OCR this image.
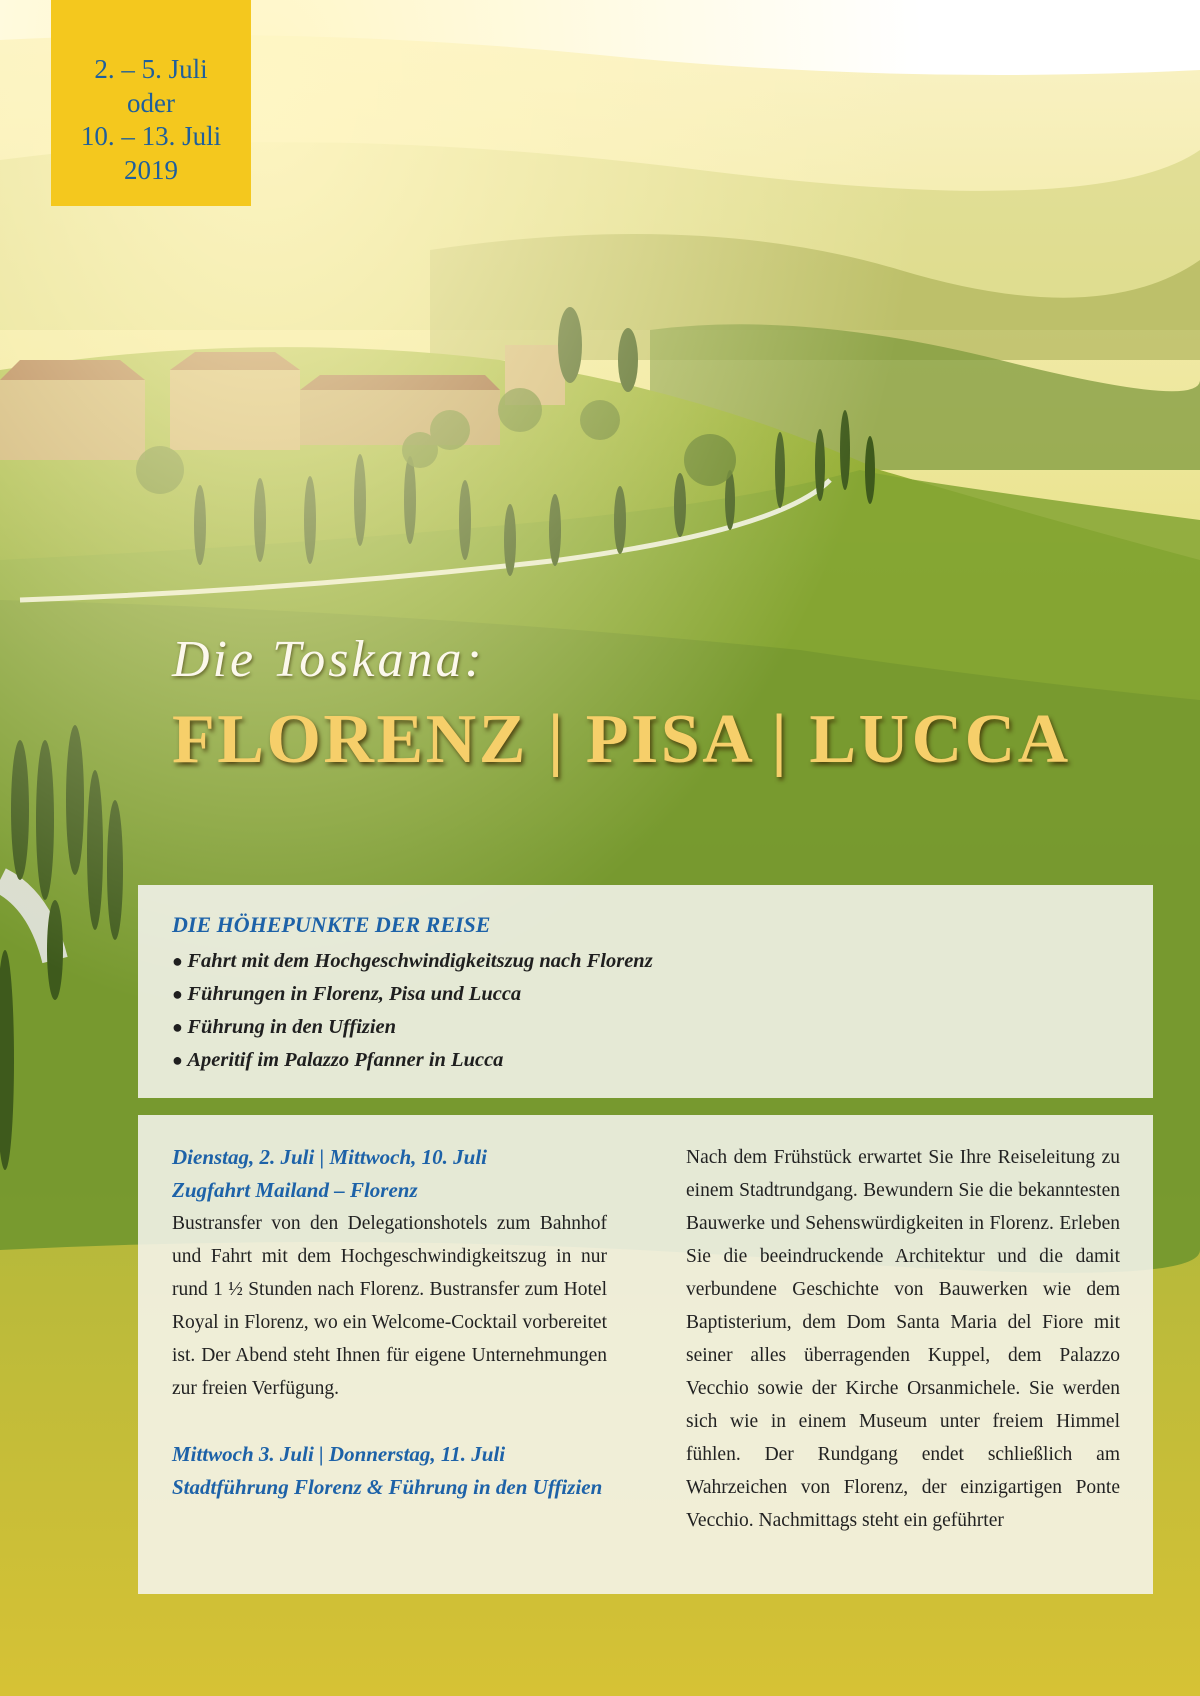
2. – 5. Juli
oder
10. – 13. Juli
2019
Die Toskana:
FLORENZ | PISA | LUCCA
DIE HÖHEPUNKTE DER REISE
● Fahrt mit dem Hochgeschwindigkeitszug nach Florenz
● Führungen in Florenz, Pisa und Lucca
● Führung in den Uffizien
● Aperitif im Palazzo Pfanner in Lucca

Dienstag, 2. Juli | Mittwoch, 10. Juli

Zugfahrt Mailand – Florenz

Bustransfer von den Delegationshotels zum Bahnhof und Fahrt mit dem Hochgeschwindigkeitszug in nur rund 1 ½ Stunden nach Florenz. Bustransfer zum Hotel Royal in Florenz, wo ein Welcome-Cocktail vorbereitet ist. Der Abend steht Ihnen für eigene Unternehmungen zur freien Verfügung.

Mittwoch 3. Juli | Donnerstag, 11. Juli

Stadtführung Florenz & Führung in den Uffizien

Nach dem Frühstück erwartet Sie Ihre Reiseleitung zu einem Stadtrundgang. Bewundern Sie die bekanntesten Bauwerke und Sehenswürdigkeiten in Florenz. Erleben Sie die beeindruckende Architektur und die damit verbundene Geschichte von Bauwerken wie dem Baptisterium, dem Dom Santa Maria del Fiore mit seiner alles überragenden Kuppel, dem Palazzo Vecchio sowie der Kirche Orsanmichele. Sie werden sich wie in einem Museum unter freiem Himmel fühlen. Der Rundgang endet schließlich am Wahrzeichen von Florenz, der einzigartigen Ponte Vecchio. Nachmittags steht ein geführter
